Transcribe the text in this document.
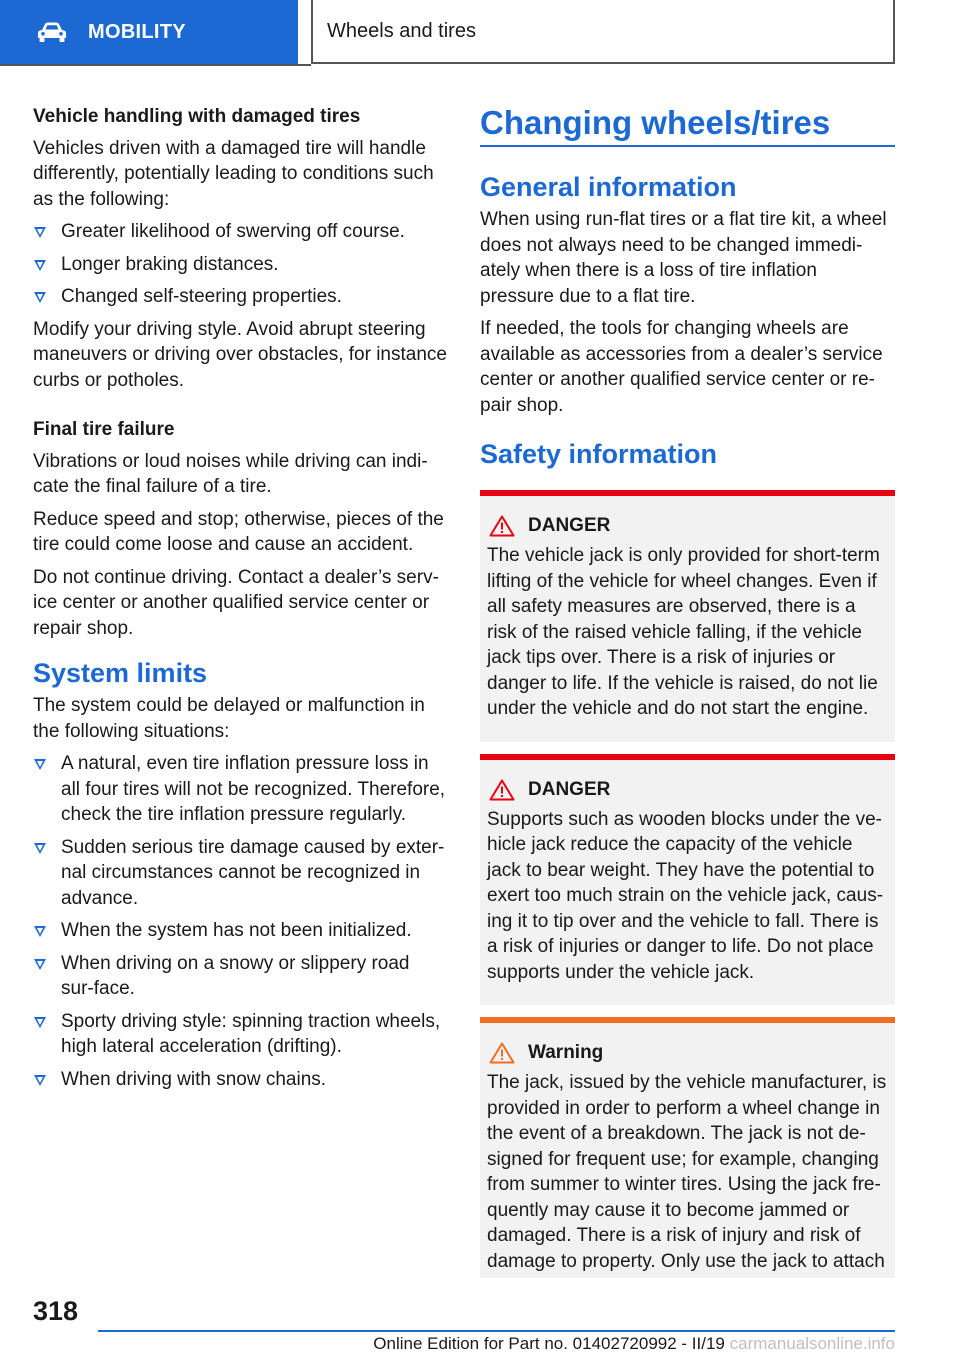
MOBILITY	Wheels and tires
Vehicle handling with damaged tires

Vehicles driven with a damaged tire will handle differently, potentially leading to conditions such as the following:

Greater likelihood of swerving off course.
Longer braking distances.
Changed self-steering properties.

Modify your driving style. Avoid abrupt steering maneuvers or driving over obstacles, for instance curbs or potholes.

Final tire failure

Vibrations or loud noises while driving can indi‐cate the final failure of a tire.

Reduce speed and stop; otherwise, pieces of the tire could come loose and cause an accident.

Do not continue driving. Contact a dealer’s serv‐ice center or another qualified service center or repair shop.

System limits

The system could be delayed or malfunction in the following situations:

A natural, even tire inflation pressure loss in all four tires will not be recognized. Therefore, check the tire inflation pressure regularly.
Sudden serious tire damage caused by exter‐nal circumstances cannot be recognized in advance.
When the system has not been initialized.
When driving on a snowy or slippery road sur‐face.
Sporty driving style: spinning traction wheels, high lateral acceleration (drifting).
When driving with snow chains.
Changing wheels/tires
General information

When using run-flat tires or a flat tire kit, a wheel does not always need to be changed immedi‐ately when there is a loss of tire inflation pressure due to a flat tire.

If needed, the tools for changing wheels are available as accessories from a dealer’s service center or another qualified service center or re‐pair shop.

Safety information
DANGER

The vehicle jack is only provided for short-term lifting of the vehicle for wheel changes. Even if all safety measures are observed, there is a risk of the raised vehicle falling, if the vehicle jack tips over. There is a risk of injuries or danger to life. If the vehicle is raised, do not lie under the vehicle and do not start the engine.

DANGER

Supports such as wooden blocks under the ve‐hicle jack reduce the capacity of the vehicle jack to bear weight. They have the potential to exert too much strain on the vehicle jack, caus‐ing it to tip over and the vehicle to fall. There is a risk of injuries or danger to life. Do not place supports under the vehicle jack.

Warning

The jack, issued by the vehicle manufacturer, is provided in order to perform a wheel change in the event of a breakdown. The jack is not de‐signed for frequent use; for example, changing from summer to winter tires. Using the jack fre‐quently may cause it to become jammed or damaged. There is a risk of injury and risk of damage to property. Only use the jack to attach

318
Online Edition for Part no. 01402720992 - II/19 carmanualsonline.info
